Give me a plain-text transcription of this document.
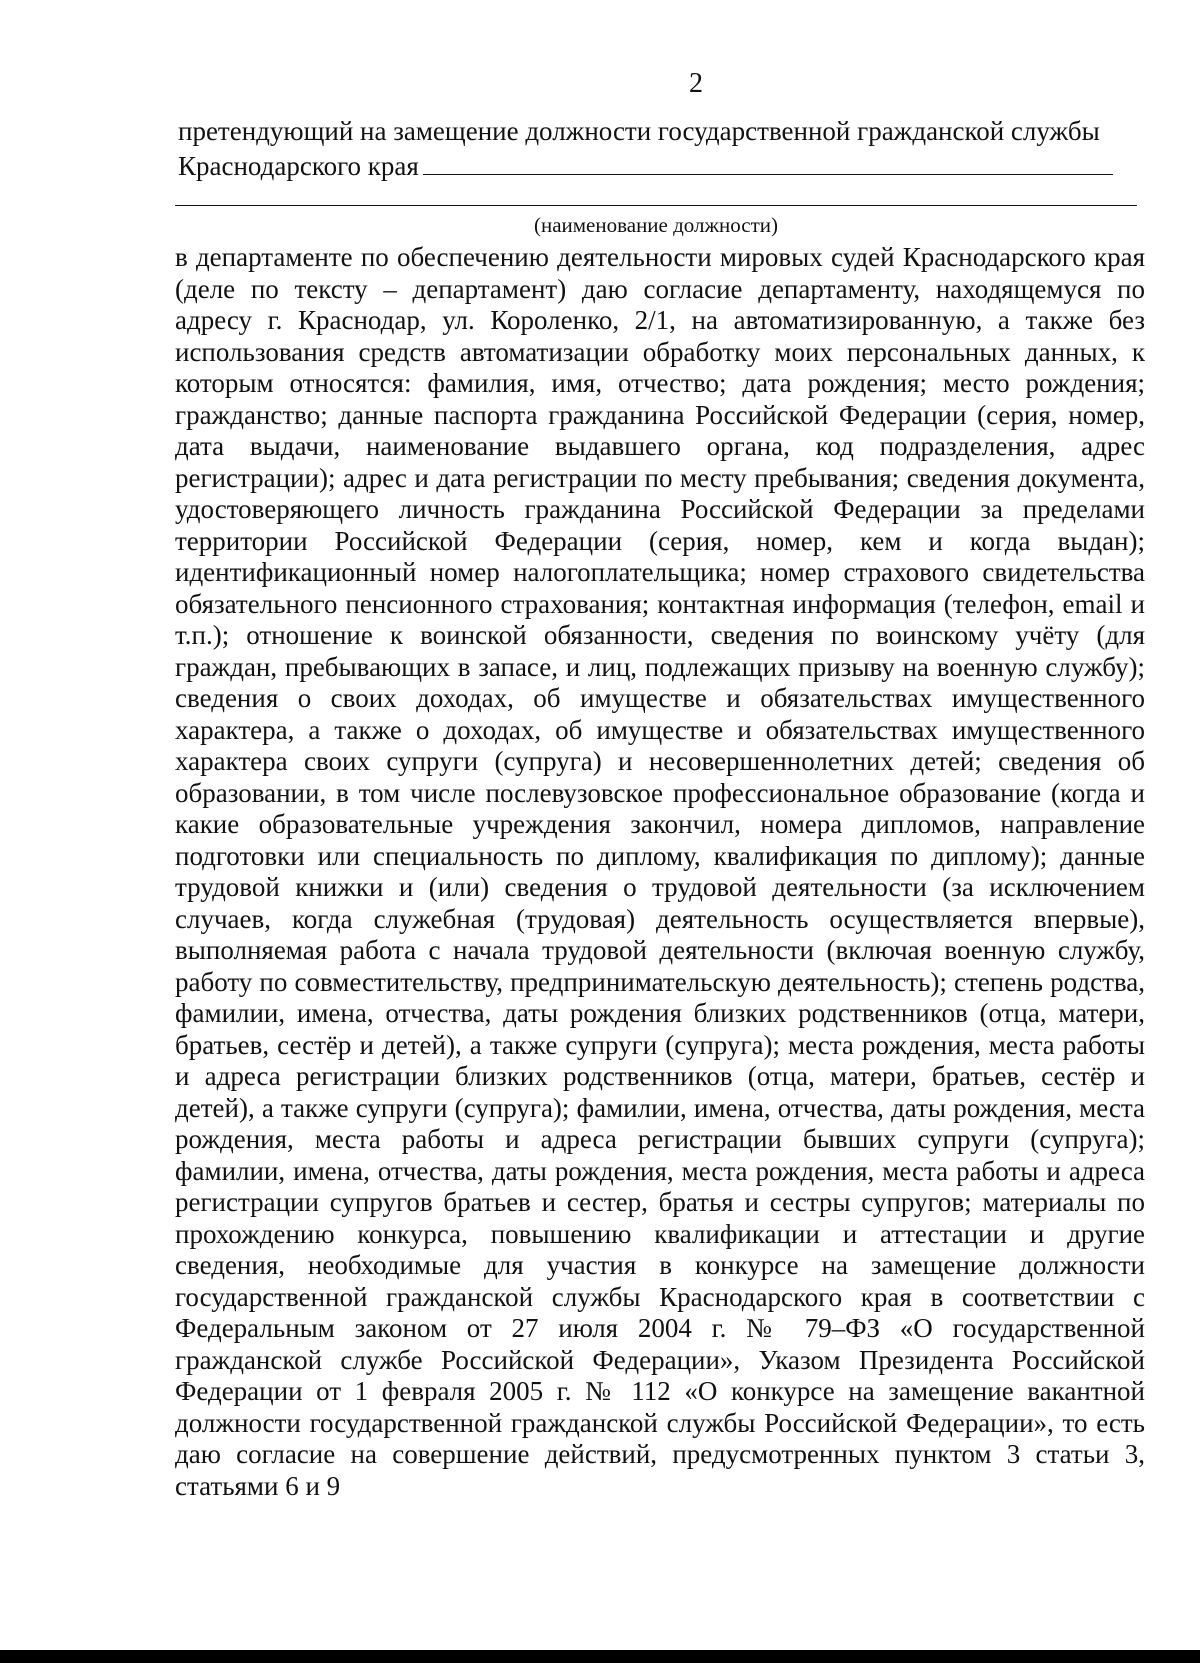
2
претендующий на замещение должности государственной гражданской службы
Краснодарского края
(наименование должности)
в департаменте по обеспечению деятельности мировых судей Краснодарского края (деле по тексту – департамент) даю согласие департаменту, находящемуся по адресу г. Краснодар, ул. Короленко, 2/1, на автоматизированную, а также без использования средств автоматизации обработку моих персональных данных, к которым относятся: фамилия, имя, отчество; дата рождения; место рождения; гражданство; данные паспорта гражданина Российской Федерации (серия, номер, дата выдачи, наименование выдавшего органа, код подразделения, адрес регистрации); адрес и дата регистрации по месту пребывания; сведения документа, удостоверяющего личность гражданина Российской Федерации за пределами территории Российской Федерации (серия, номер, кем и когда выдан); идентификационный номер налогоплательщика; номер страхового свидетельства обязательного пенсионного страхования; контактная информация (телефон, email и т.п.); отношение к воинской обязанности, сведения по воинскому учёту (для граждан, пребывающих в запасе, и лиц, подлежащих призыву на военную службу); сведения о своих доходах, об имуществе и обязательствах имущественного характера, а также о доходах, об имуществе и обязательствах имущественного характера своих супруги (супруга) и несовершеннолетних детей; сведения об образовании, в том числе послевузовское профессиональное образование (когда и какие образовательные учреждения закончил, номера дипломов, направление подготовки или специальность по диплому, квалификация по диплому); данные трудовой книжки и (или) сведения о трудовой деятельности (за исключением случаев, когда служебная (трудовая) деятельность осуществляется впервые), выполняемая работа с начала трудовой деятельности (включая военную службу, работу по совместительству, предпринимательскую деятельность); степень родства, фамилии, имена, отчества, даты рождения близких родственников (отца, матери, братьев, сестёр и детей), а также супруги (супруга); места рождения, места работы и адреса регистрации близких родственников (отца, матери, братьев, сестёр и детей), а также супруги (супруга); фамилии, имена, отчества, даты рождения, места рождения, места работы и адреса регистрации бывших супруги (супруга); фамилии, имена, отчества, даты рождения, места рождения, места работы и адреса регистрации супругов братьев и сестер, братья и сестры супругов; материалы по прохождению конкурса, повышению квалификации и аттестации и другие сведения, необходимые для участия в конкурсе на замещение должности государственной гражданской службы Краснодарского края в соответствии с Федеральным законом от 27 июля 2004 г. № 79–ФЗ «О государственной гражданской службе Российской Федерации», Указом Президента Российской Федерации от 1 февраля 2005 г. № 112 «О конкурсе на замещение вакантной должности государственной гражданской службы Российской Федерации», то есть даю согласие на совершение действий, предусмотренных пунктом 3 статьи 3, статьями 6 и 9
